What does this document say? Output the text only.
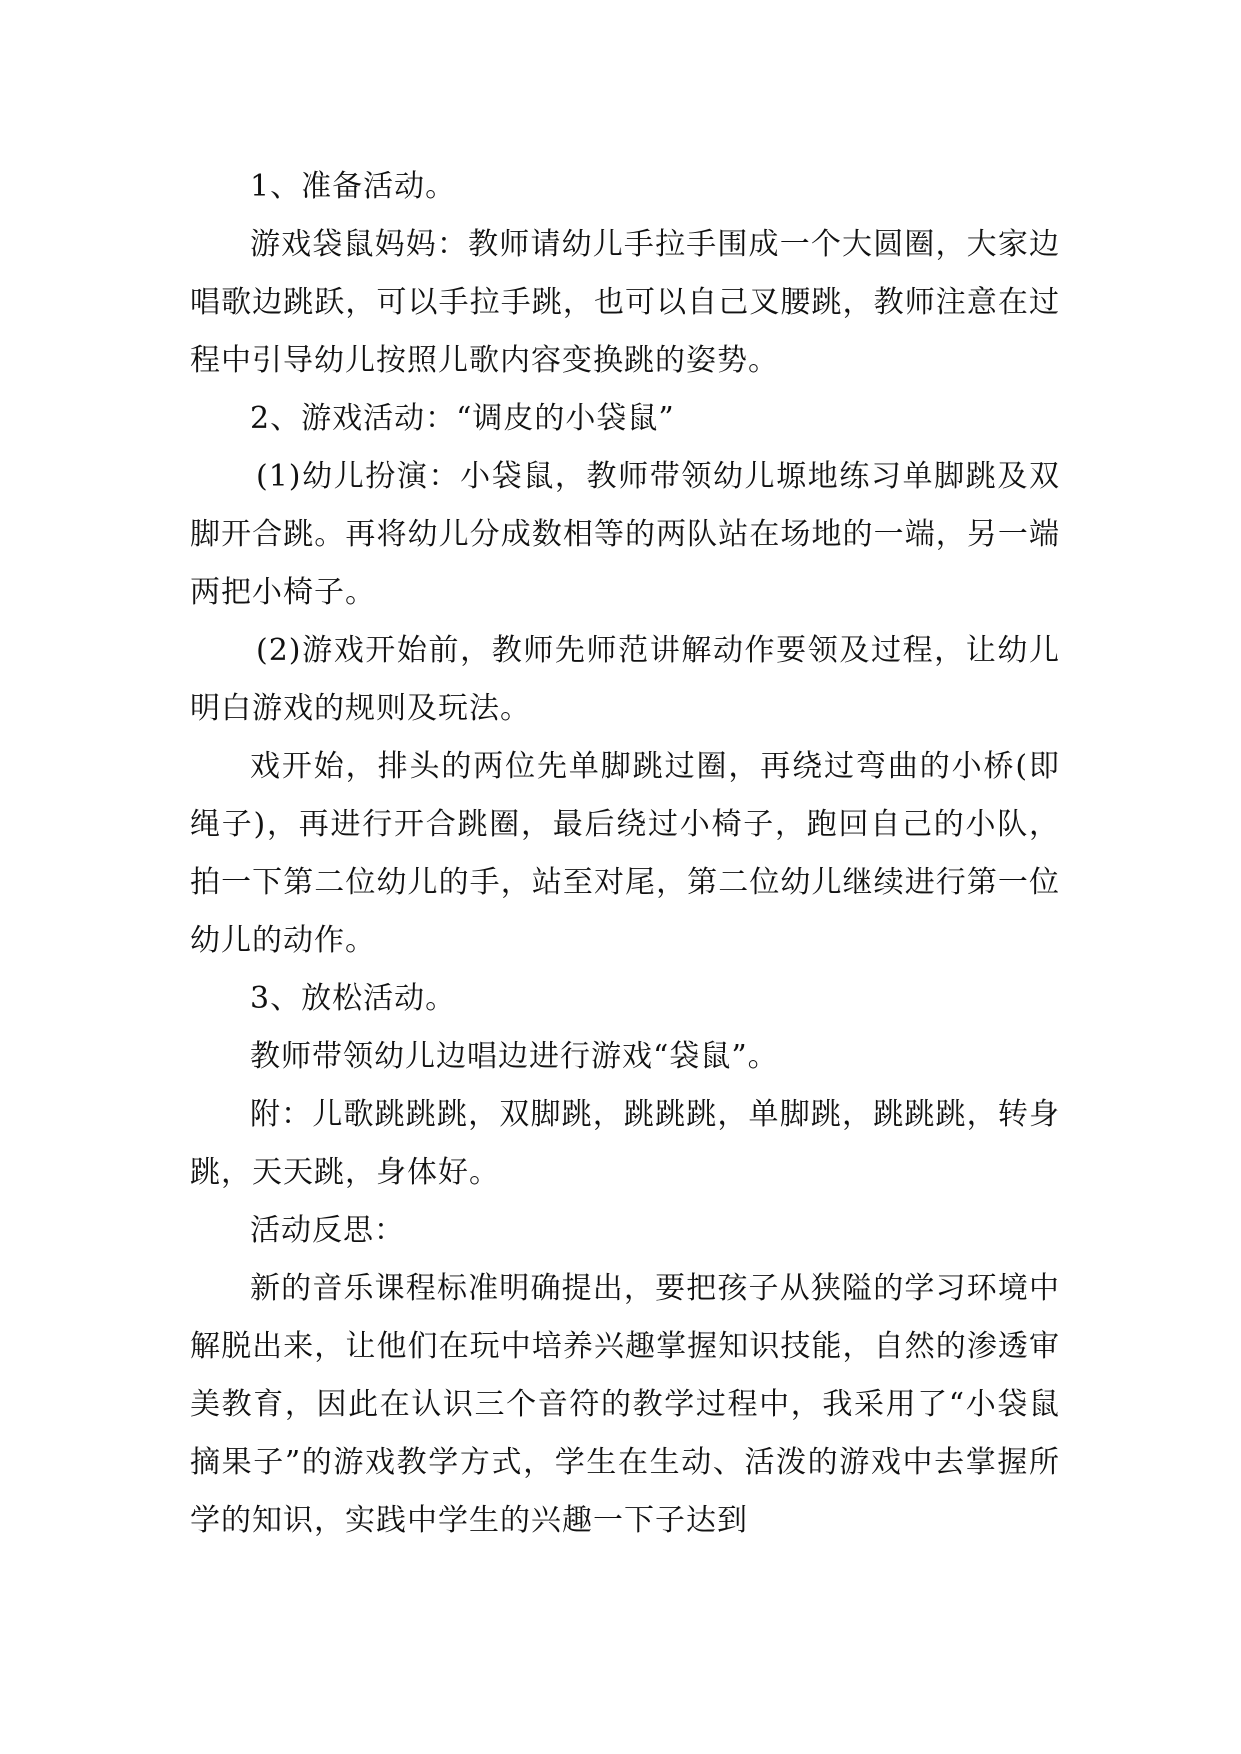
1、准备活动。

游戏袋鼠妈妈：教师请幼儿手拉手围成一个大圆圈，大家边唱歌边跳跃，可以手拉手跳，也可以自己叉腰跳，教师注意在过程中引导幼儿按照儿歌内容变换跳的姿势。

2、游戏活动：“调皮的小袋鼠”

(1)幼儿扮演：小袋鼠，教师带领幼儿塬地练习单脚跳及双脚开合跳。再将幼儿分成数相等的两队站在场地的一端，另一端两把小椅子。

(2)游戏开始前，教师先师范讲解动作要领及过程，让幼儿明白游戏的规则及玩法。

戏开始，排头的两位先单脚跳过圈，再绕过弯曲的小桥(即绳子)，再进行开合跳圈，最后绕过小椅子，跑回自己的小队，拍一下第二位幼儿的手，站至对尾，第二位幼儿继续进行第一位幼儿的动作。

3、放松活动。

教师带领幼儿边唱边进行游戏“袋鼠”。

附：儿歌跳跳跳，双脚跳，跳跳跳，单脚跳，跳跳跳，转身跳，天天跳，身体好。

活动反思：

新的音乐课程标准明确提出，要把孩子从狭隘的学习环境中解脱出来，让他们在玩中培养兴趣掌握知识技能，自然的渗透审美教育，因此在认识三个音符的教学过程中，我采用了“小袋鼠摘果子”的游戏教学方式，学生在生动、活泼的游戏中去掌握所学的知识，实践中学生的兴趣一下子达到
